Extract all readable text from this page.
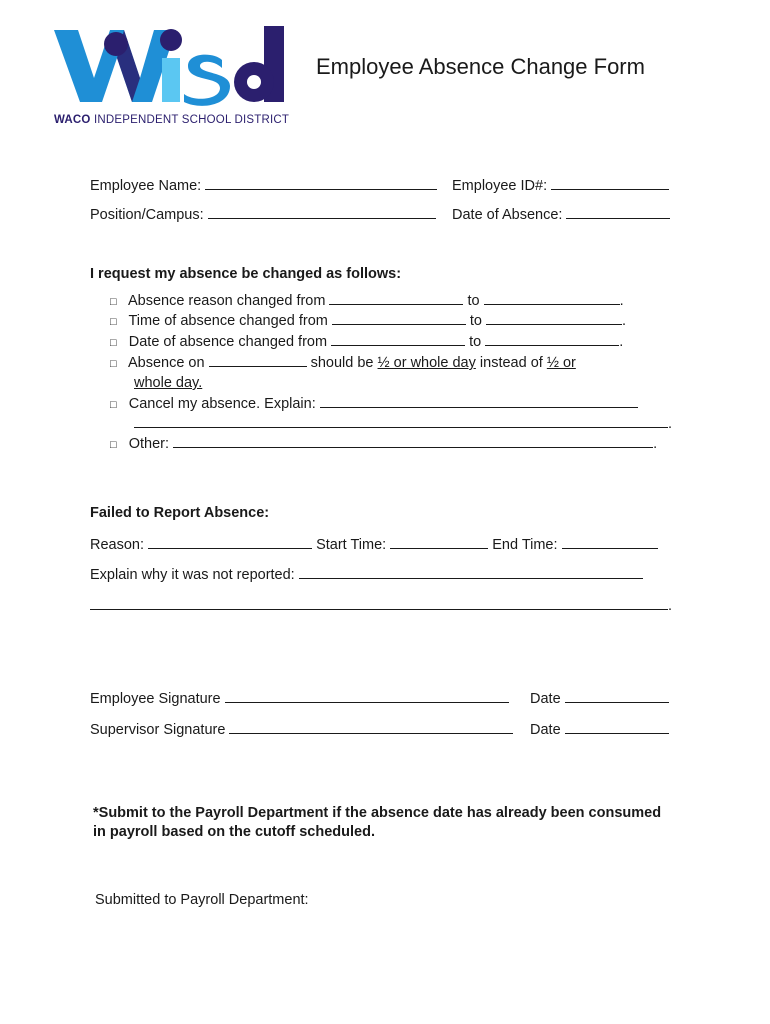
WACO INDEPENDENT SCHOOL DISTRICT
Employee Absence Change Form
Employee Name:	Employee ID#:
Position/Campus:	Date of Absence:
I request my absence be changed as follows:
□ Absence reason changed from	to	.
□ Time of absence changed from	to	.
□ Date of absence changed from	to	.
□ Absence on	should be ½ or whole day instead of ½ or
whole day.
□ Cancel my absence. Explain:
.
□ Other:	.
Failed to Report Absence:
Reason:	Start Time:	End Time:
Explain why it was not reported:
.
Employee Signature	Date
Supervisor Signature	Date
*Submit to the Payroll Department if the absence date has already been consumed
in payroll based on the cutoff scheduled.
Submitted to Payroll Department:
